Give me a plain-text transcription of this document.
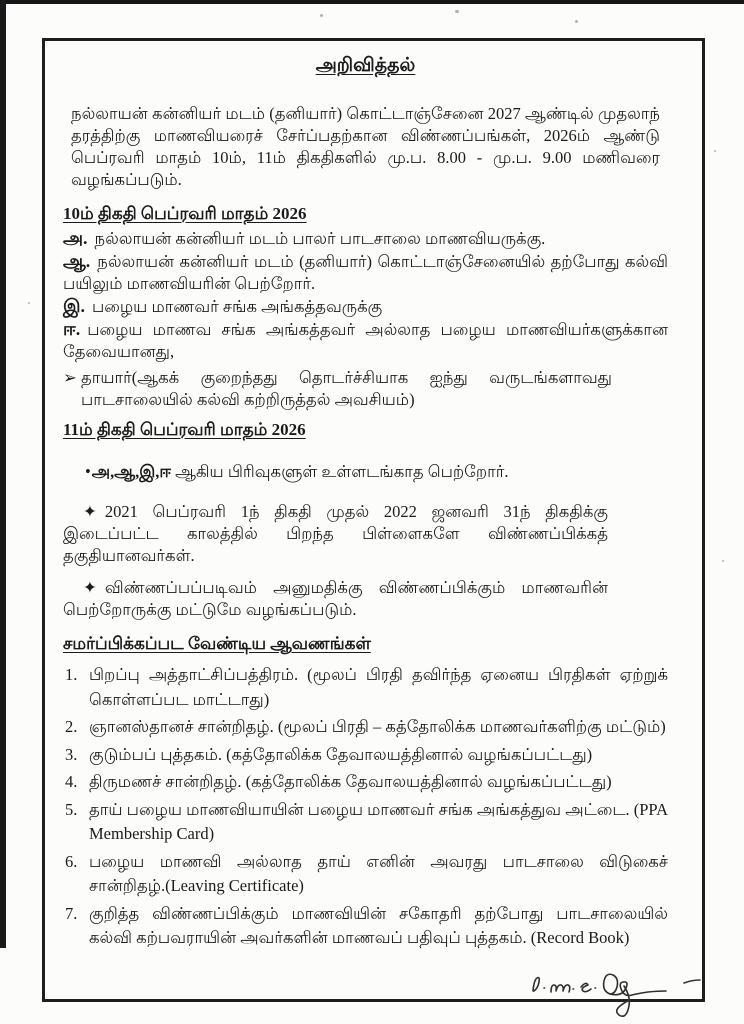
அறிவித்தல்

நல்லாயன் கன்னியர் மடம் (தனியார்) கொட்டாஞ்சேனை 2027 ஆண்டில் முதலாந் தரத்திற்கு மாணவியரைச் சேர்ப்பதற்கான விண்ணப்பங்கள், 2026ம் ஆண்டு பெப்ரவரி மாதம் 10ம், 11ம் திகதிகளில் மு.ப. 8.00 - மு.ப. 9.00 மணிவரை வழங்கப்படும்.

10ம் திகதி பெப்ரவரி மாதம் 2026
அ. நல்லாயன் கன்னியர் மடம் பாலர் பாடசாலை மாணவியருக்கு.
ஆ. நல்லாயன் கன்னியர் மடம் (தனியார்) கொட்டாஞ்சேனையில் தற்போது கல்வி பயிலும் மாணவியரின் பெற்றோர்.
இ. பழைய மாணவர் சங்க அங்கத்தவருக்கு
ஈ. பழைய மாணவ சங்க அங்கத்தவர் அல்லாத பழைய மாணவியர்களுக்கான தேவையானது,
➢ தாயார்(ஆகக் குறைந்தது தொடர்ச்சியாக ஐந்து வருடங்களாவது பாடசாலையில் கல்வி கற்றிருத்தல் அவசியம்)
11ம் திகதி பெப்ரவரி மாதம் 2026
•அ,ஆ,இ,ஈ ஆகிய பிரிவுகளுள் உள்ளடங்காத பெற்றோர்.
✦ 2021 பெப்ரவரி 1ந் திகதி முதல் 2022 ஜனவரி 31ந் திகதிக்கு இடைப்பட்ட காலத்தில் பிறந்த பிள்ளைகளே விண்ணப்பிக்கத் தகுதியானவர்கள்.
✦ விண்ணப்பப்படிவம் அனுமதிக்கு விண்ணப்பிக்கும் மாணவரின் பெற்றோருக்கு மட்டுமே வழங்கப்படும்.
சமர்ப்பிக்கப்பட வேண்டிய ஆவணங்கள்
1. பிறப்பு அத்தாட்சிப்பத்திரம். (மூலப் பிரதி தவிர்ந்த ஏனைய பிரதிகள் ஏற்றுக் கொள்ளப்பட மாட்டாது)
2. ஞானஸ்தானச் சான்றிதழ். (மூலப் பிரதி – கத்தோலிக்க மாணவர்களிற்கு மட்டும்)
3. குடும்பப் புத்தகம். (கத்தோலிக்க தேவாலயத்தினால் வழங்கப்பட்டது)
4. திருமணச் சான்றிதழ். (கத்தோலிக்க தேவாலயத்தினால் வழங்கப்பட்டது)
5. தாய் பழைய மாணவியாயின் பழைய மாணவர் சங்க அங்கத்துவ அட்டை. (PPA Membership Card)
6. பழைய மாணவி அல்லாத தாய் எனின் அவரது பாடசாலை விடுகைச் சான்றிதழ்.(Leaving Certificate)
7. குறித்த விண்ணப்பிக்கும் மாணவியின் சகோதரி தற்போது பாடசாலையில் கல்வி கற்பவராயின் அவர்களின் மாணவப் பதிவுப் புத்தகம். (Record Book)
